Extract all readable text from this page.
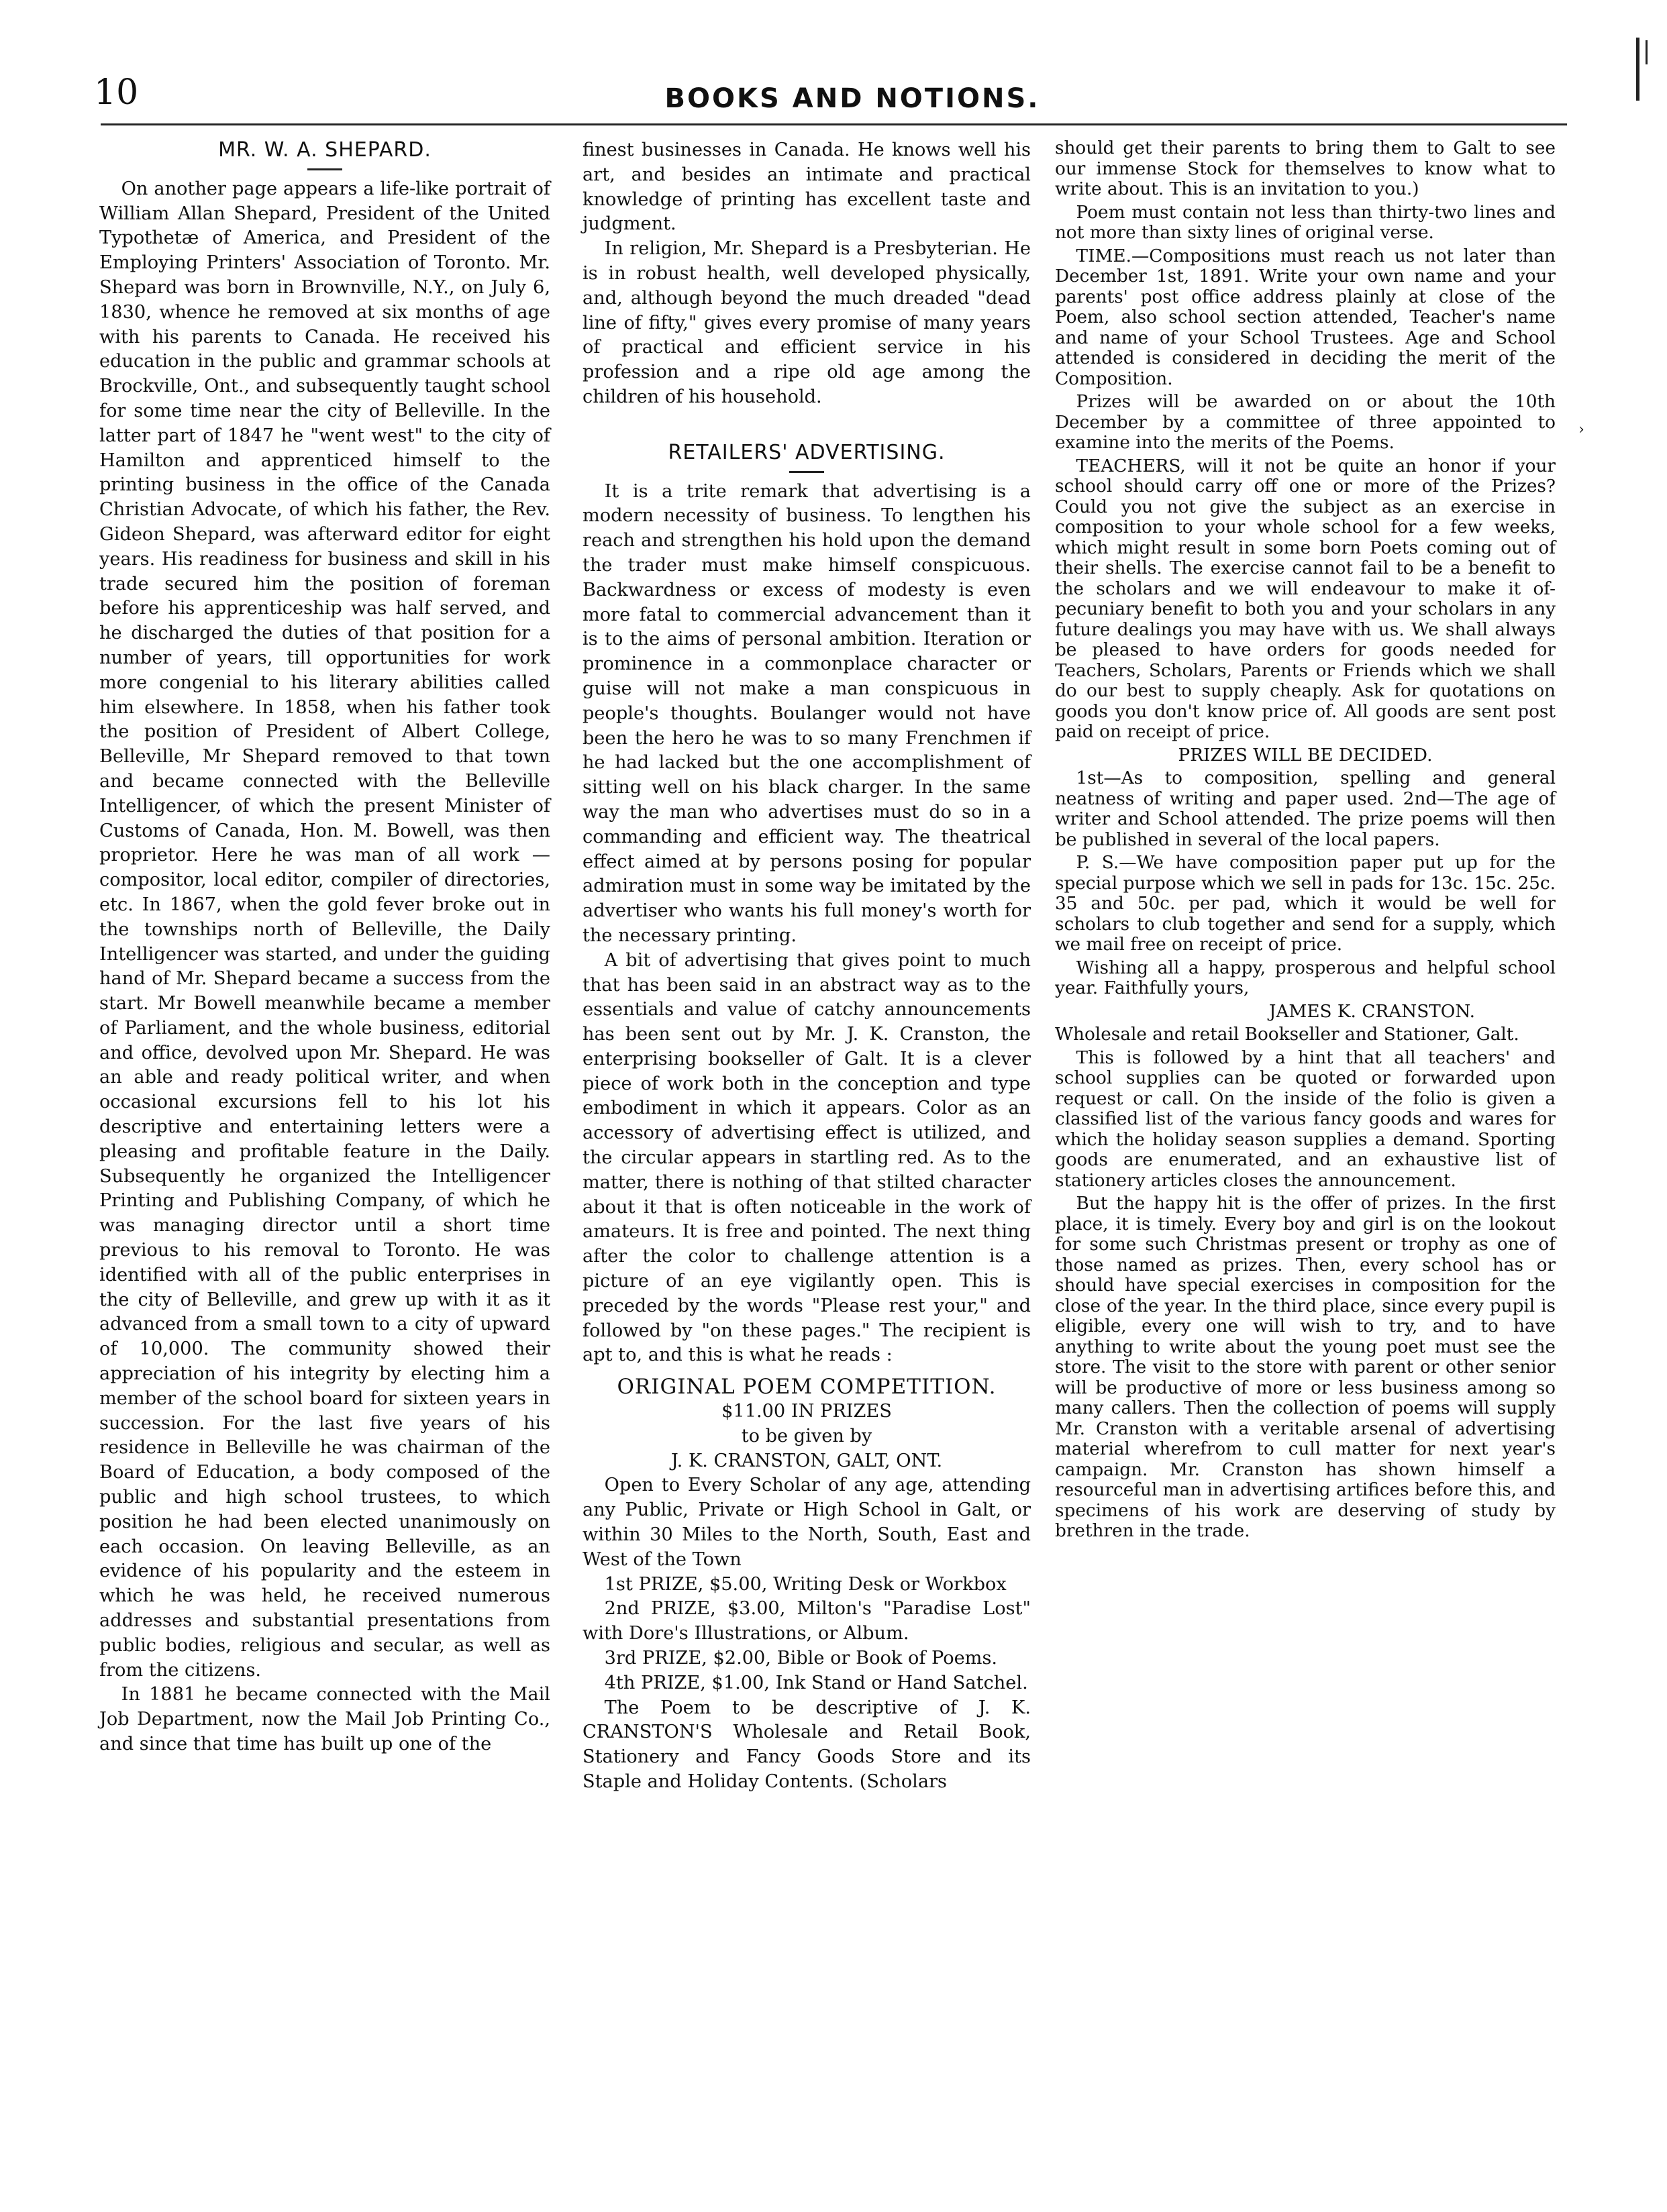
10	BOOKS AND NOTIONS.
›
MR. W. A. SHEPARD.

On another page appears a life-like portrait of William Allan Shepard, President of the United Typothetæ of America, and President of the Employing Printers' Association of Toronto. Mr. Shepard was born in Brownville, N.Y., on July 6, 1830, whence he removed at six months of age with his parents to Canada. He received his education in the public and grammar schools at Brockville, Ont., and subsequently taught school for some time near the city of Belleville. In the latter part of 1847 he "went west" to the city of Hamilton and apprenticed himself to the printing business in the office of the Canada Christian Advocate, of which his father, the Rev. Gideon Shepard, was afterward editor for eight years. His readiness for business and skill in his trade secured him the position of foreman before his apprenticeship was half served, and he discharged the duties of that position for a number of years, till opportunities for work more congenial to his literary abilities called him elsewhere. In 1858, when his father took the position of President of Albert College, Belleville, Mr Shepard removed to that town and became connected with the Belleville Intelligencer, of which the present Minister of Customs of Canada, Hon. M. Bowell, was then proprietor. Here he was man of all work — compositor, local editor, compiler of directories, etc. In 1867, when the gold fever broke out in the townships north of Belleville, the Daily Intelligencer was started, and under the guiding hand of Mr. Shepard became a success from the start. Mr Bowell meanwhile became a member of Parliament, and the whole business, editorial and office, devolved upon Mr. Shepard. He was an able and ready political writer, and when occasional excursions fell to his lot his descriptive and entertaining letters were a pleasing and profitable feature in the Daily. Subsequently he organized the Intelligencer Printing and Publishing Company, of which he was managing director until a short time previous to his removal to Toronto. He was identified with all of the public enterprises in the city of Belleville, and grew up with it as it advanced from a small town to a city of upward of 10,000. The community showed their appreciation of his integrity by electing him a member of the school board for sixteen years in succession. For the last five years of his residence in Belleville he was chairman of the Board of Education, a body composed of the public and high school trustees, to which position he had been elected unanimously on each occasion. On leaving Belleville, as an evidence of his popularity and the esteem in which he was held, he received numerous addresses and substantial presentations from public bodies, religious and secular, as well as from the citizens.

In 1881 he became connected with the Mail Job Department, now the Mail Job Printing Co., and since that time has built up one of the

finest businesses in Canada. He knows well his art, and besides an intimate and practical knowledge of printing has excellent taste and judgment.

In religion, Mr. Shepard is a Presbyterian. He is in robust health, well developed physically, and, although beyond the much dreaded "dead line of fifty," gives every promise of many years of practical and efficient service in his profession and a ripe old age among the children of his household.

RETAILERS' ADVERTISING.

It is a trite remark that advertising is a modern necessity of business. To lengthen his reach and strengthen his hold upon the demand the trader must make himself conspicuous. Backwardness or excess of modesty is even more fatal to commercial advancement than it is to the aims of personal ambition. Iteration or prominence in a commonplace character or guise will not make a man conspicuous in people's thoughts. Boulanger would not have been the hero he was to so many Frenchmen if he had lacked but the one accomplishment of sitting well on his black charger. In the same way the man who advertises must do so in a commanding and efficient way. The theatrical effect aimed at by persons posing for popular admiration must in some way be imitated by the advertiser who wants his full money's worth for the necessary printing.

A bit of advertising that gives point to much that has been said in an abstract way as to the essentials and value of catchy announcements has been sent out by Mr. J. K. Cranston, the enterprising bookseller of Galt. It is a clever piece of work both in the conception and type embodiment in which it appears. Color as an accessory of advertising effect is utilized, and the circular appears in startling red. As to the matter, there is nothing of that stilted character about it that is often noticeable in the work of amateurs. It is free and pointed. The next thing after the color to challenge attention is a picture of an eye vigilantly open. This is preceded by the words "Please rest your," and followed by "on these pages." The recipient is apt to, and this is what he reads :

ORIGINAL POEM COMPETITION.

$11.00 IN PRIZES

to be given by

J. K. CRANSTON, GALT, ONT.

Open to Every Scholar of any age, attending any Public, Private or High School in Galt, or within 30 Miles to the North, South, East and West of the Town

1st PRIZE, $5.00, Writing Desk or Workbox

2nd PRIZE, $3.00, Milton's "Paradise Lost" with Dore's Illustrations, or Album.

3rd PRIZE, $2.00, Bible or Book of Poems.

4th PRIZE, $1.00, Ink Stand or Hand Satchel.

The Poem to be descriptive of J. K. CRANSTON'S Wholesale and Retail Book, Stationery and Fancy Goods Store and its Staple and Holiday Contents. (Scholars

should get their parents to bring them to Galt to see our immense Stock for themselves to know what to write about. This is an invitation to you.)

Poem must contain not less than thirty-two lines and not more than sixty lines of original verse.

TIME.—Compositions must reach us not later than December 1st, 1891. Write your own name and your parents' post office address plainly at close of the Poem, also school section attended, Teacher's name and name of your School Trustees. Age and School attended is considered in deciding the merit of the Composition.

Prizes will be awarded on or about the 10th December by a committee of three appointed to examine into the merits of the Poems.

TEACHERS, will it not be quite an honor if your school should carry off one or more of the Prizes? Could you not give the subject as an exercise in composition to your whole school for a few weeks, which might result in some born Poets coming out of their shells. The exercise cannot fail to be a benefit to the scholars and we will endeavour to make it of-pecuniary benefit to both you and your scholars in any future dealings you may have with us. We shall always be pleased to have orders for goods needed for Teachers, Scholars, Parents or Friends which we shall do our best to supply cheaply. Ask for quotations on goods you don't know price of. All goods are sent post paid on receipt of price.

PRIZES WILL BE DECIDED.

1st—As to composition, spelling and general neatness of writing and paper used. 2nd—The age of writer and School attended. The prize poems will then be published in several of the local papers.

P. S.—We have composition paper put up for the special purpose which we sell in pads for 13c. 15c. 25c. 35 and 50c. per pad, which it would be well for scholars to club together and send for a supply, which we mail free on receipt of price.

Wishing all a happy, prosperous and helpful school year. Faithfully yours,

JAMES K. CRANSTON.

Wholesale and retail Bookseller and Stationer, Galt.

This is followed by a hint that all teachers' and school supplies can be quoted or forwarded upon request or call. On the inside of the folio is given a classified list of the various fancy goods and wares for which the holiday season supplies a demand. Sporting goods are enumerated, and an exhaustive list of stationery articles closes the announcement.

But the happy hit is the offer of prizes. In the first place, it is timely. Every boy and girl is on the lookout for some such Christmas present or trophy as one of those named as prizes. Then, every school has or should have special exercises in composition for the close of the year. In the third place, since every pupil is eligible, every one will wish to try, and to have anything to write about the young poet must see the store. The visit to the store with parent or other senior will be productive of more or less business among so many callers. Then the collection of poems will supply Mr. Cranston with a veritable arsenal of advertising material wherefrom to cull matter for next year's campaign. Mr. Cranston has shown himself a resourceful man in advertising artifices before this, and specimens of his work are deserving of study by brethren in the trade.
